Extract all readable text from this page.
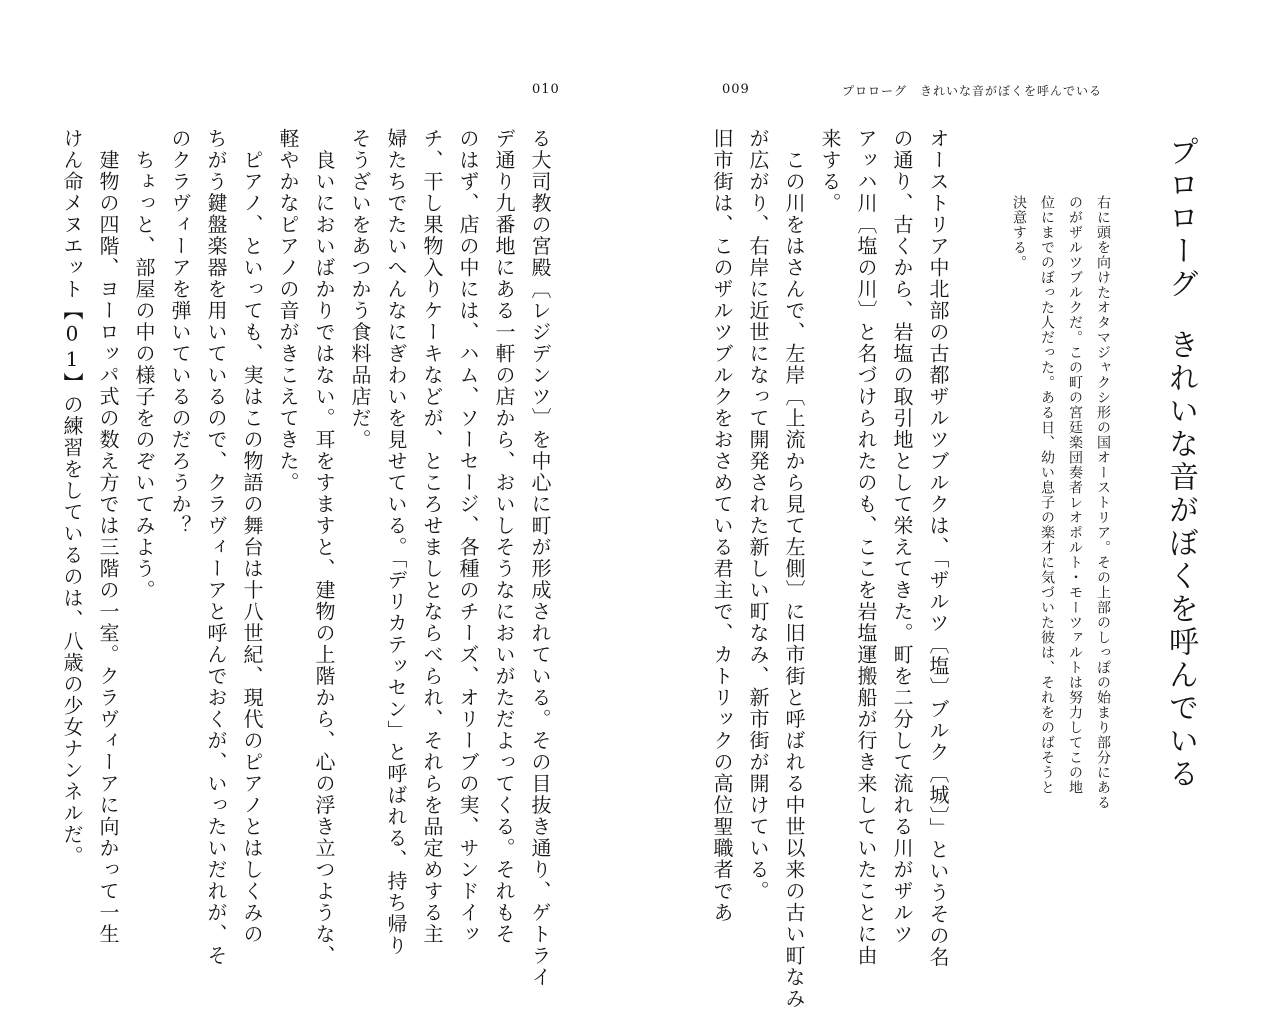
010
る大司教の宮殿〔レジデンツ〕を中心に町が形成されている。その目抜き通り、ゲトライ
デ通り九番地にある一軒の店から、おいしそうなにおいがただよってくる。それもそ
のはず、店の中には、ハム、ソーセージ、各種のチーズ、オリーブの実、サンドイッ
チ、干し果物入りケーキなどが、ところせましとならべられ、それらを品定めする主
婦たちでたいへんなにぎわいを見せている。「デリカテッセン」と呼ばれる、持ち帰り
そうざいをあつかう食料品店だ。
　良いにおいばかりではない。耳をすますと、建物の上階から、心の浮き立つような、
軽やかなピアノの音がきこえてきた。
　ピアノ、といっても、実はこの物語の舞台は十八世紀、現代のピアノとはしくみの
ちがう鍵盤楽器を用いているので、クラヴィーアと呼んでおくが、いったいだれが、そ
のクラヴィーアを弾いているのだろうか？
　ちょっと、部屋の中の様子をのぞいてみよう。
　建物の四階、ヨーロッパ式の数え方では三階の一室。クラヴィーアに向かって一生
けん命メヌエット【01】の練習をしているのは、八歳の少女ナンネルだ。
009	プロローグ　きれいな音がぼくを呼んでいる
プロローグきれいな音がぼくを呼んでいる
右に頭を向けたオタマジャクシ形の国オーストリア。その上部のしっぽの始まり部分にある
のがザルツブルクだ。この町の宮廷楽団奏者レオポルト・モーツァルトは努力してこの地
位にまでのぼった人だった。ある日、幼い息子の楽才に気づいた彼は、それをのばそうと
決意する。
オーストリア中北部の古都ザルツブルクは、「ザルツ〔塩〕ブルク〔城〕」というその名
の通り、古くから、岩塩の取引地として栄えてきた。町を二分して流れる川がザルツ
アッハ川〔塩の川〕と名づけられたのも、ここを岩塩運搬船が行き来していたことに由
来する。
　この川をはさんで、左岸〔上流から見て左側〕に旧市街と呼ばれる中世以来の古い町なみ
が広がり、右岸に近世になって開発された新しい町なみ、新市街が開けている。
旧市街は、このザルツブルクをおさめている君主で、カトリックの高位聖職者であ
